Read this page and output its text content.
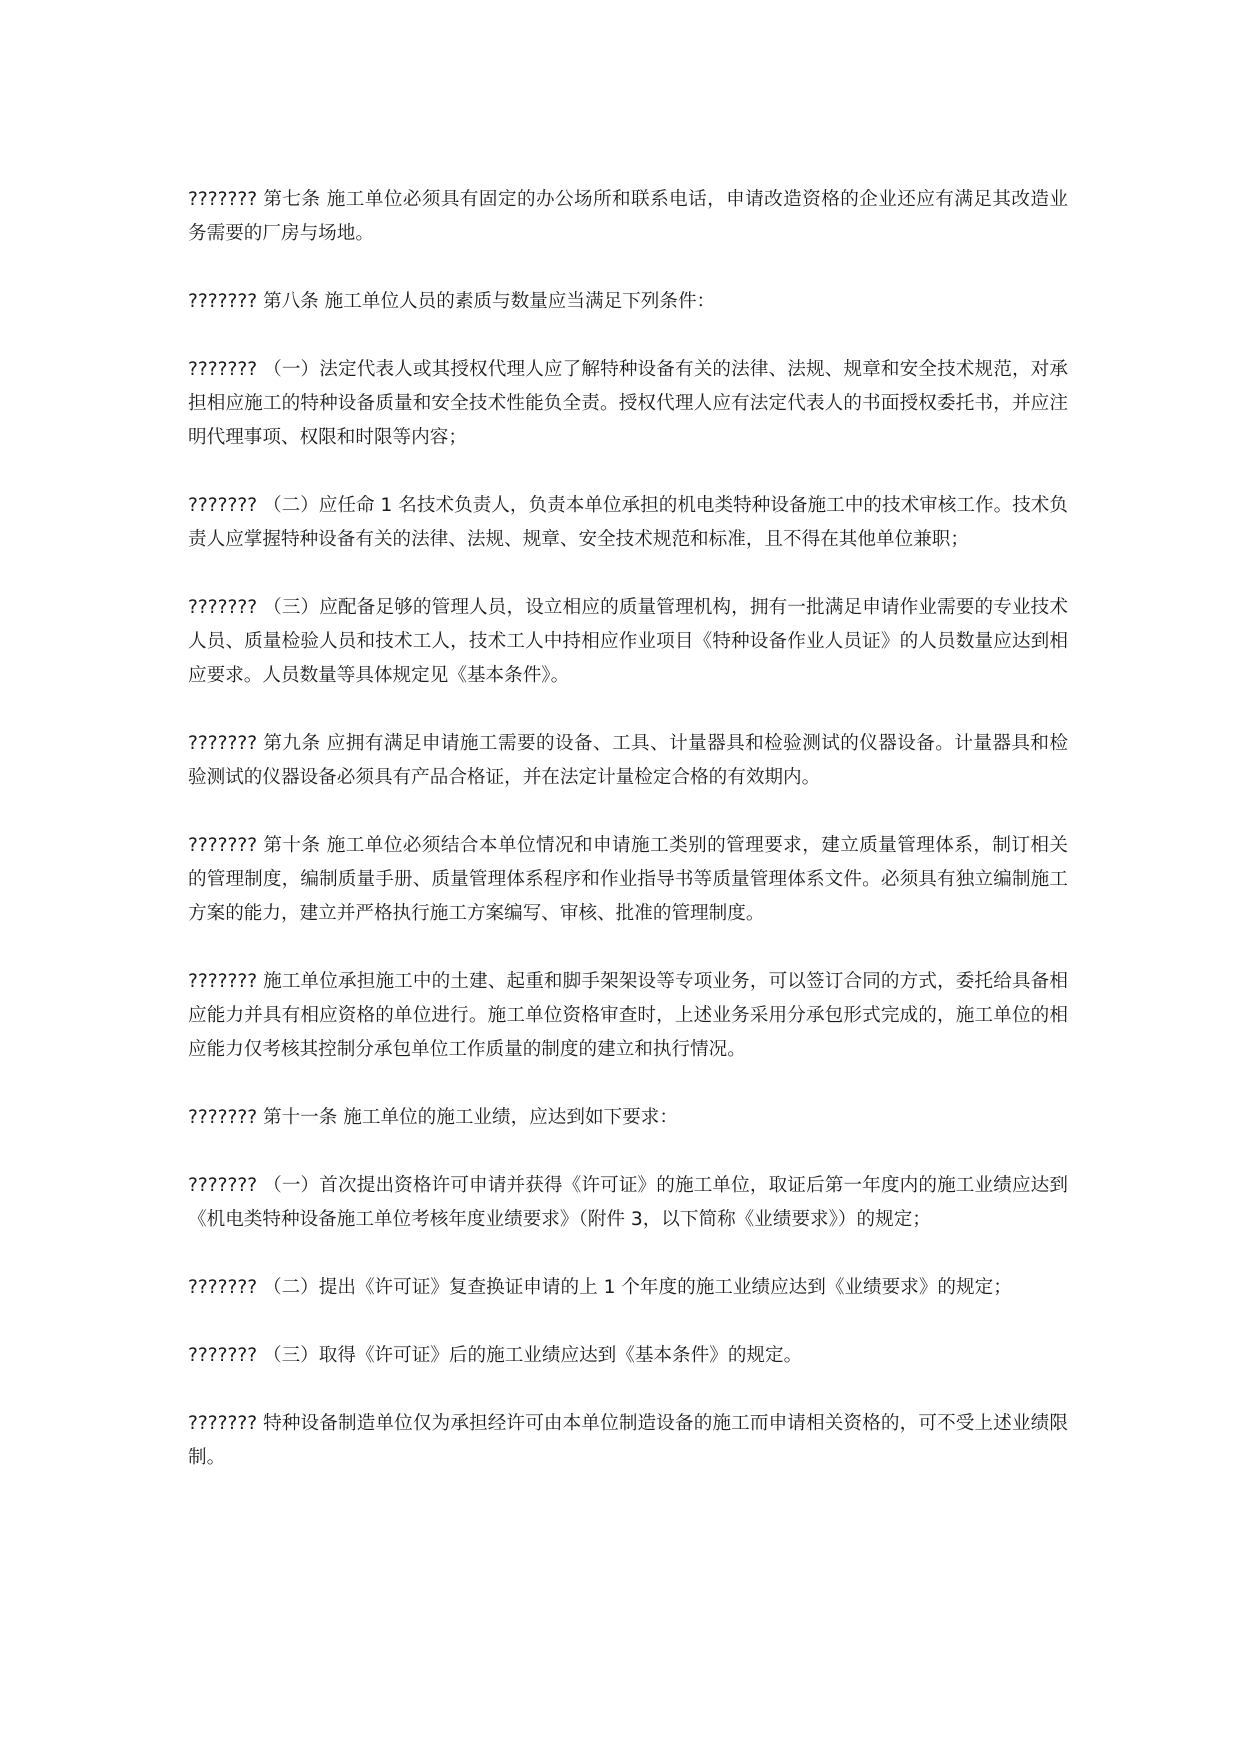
??????? 第七条 施工单位必须具有固定的办公场所和联系电话，申请改造资格的企业还应有满足其改造业务需要的厂房与场地。

??????? 第八条 施工单位人员的素质与数量应当满足下列条件：

??????? （一）法定代表人或其授权代理人应了解特种设备有关的法律、法规、规章和安全技术规范，对承担相应施工的特种设备质量和安全技术性能负全责。授权代理人应有法定代表人的书面授权委托书，并应注明代理事项、权限和时限等内容；

??????? （二）应任命 1 名技术负责人，负责本单位承担的机电类特种设备施工中的技术审核工作。技术负责人应掌握特种设备有关的法律、法规、规章、安全技术规范和标准，且不得在其他单位兼职；

??????? （三）应配备足够的管理人员，设立相应的质量管理机构，拥有一批满足申请作业需要的专业技术人员、质量检验人员和技术工人，技术工人中持相应作业项目《特种设备作业人员证》的人员数量应达到相应要求。人员数量等具体规定见《基本条件》。

??????? 第九条 应拥有满足申请施工需要的设备、工具、计量器具和检验测试的仪器设备。计量器具和检验测试的仪器设备必须具有产品合格证，并在法定计量检定合格的有效期内。

??????? 第十条 施工单位必须结合本单位情况和申请施工类别的管理要求，建立质量管理体系，制订相关的管理制度，编制质量手册、质量管理体系程序和作业指导书等质量管理体系文件。必须具有独立编制施工方案的能力，建立并严格执行施工方案编写、审核、批准的管理制度。

??????? 施工单位承担施工中的土建、起重和脚手架架设等专项业务，可以签订合同的方式，委托给具备相应能力并具有相应资格的单位进行。施工单位资格审查时，上述业务采用分承包形式完成的，施工单位的相应能力仅考核其控制分承包单位工作质量的制度的建立和执行情况。

??????? 第十一条 施工单位的施工业绩，应达到如下要求：

??????? （一）首次提出资格许可申请并获得《许可证》的施工单位，取证后第一年度内的施工业绩应达到《机电类特种设备施工单位考核年度业绩要求》（附件 3，以下简称《业绩要求》）的规定；

??????? （二）提出《许可证》复查换证申请的上 1 个年度的施工业绩应达到《业绩要求》的规定；

??????? （三）取得《许可证》后的施工业绩应达到《基本条件》的规定。

??????? 特种设备制造单位仅为承担经许可由本单位制造设备的施工而申请相关资格的，可不受上述业绩限制。
